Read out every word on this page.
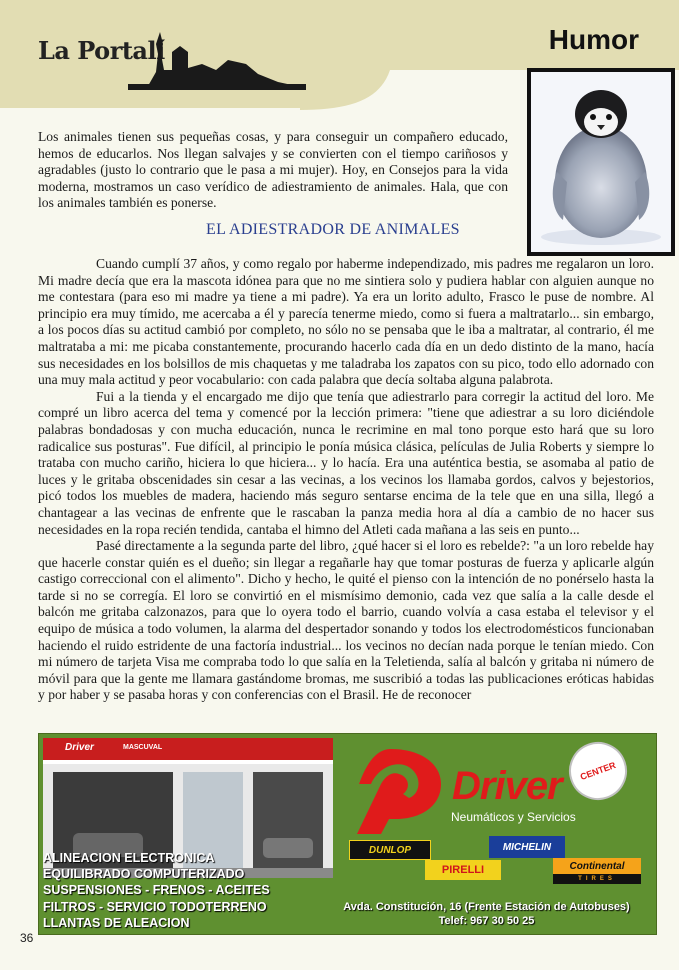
La Portalí	Humor
Los animales tienen sus pequeñas cosas, y para conseguir un compañero educado, hemos de educarlos. Nos llegan salvajes y se convierten con el tiempo cariñosos y agradables (justo lo contrario que le pasa a mi mujer). Hoy, en Consejos para la vida moderna, mostramos un caso verídico de adiestramiento de animales. Hala, que con los animales también es ponerse.
EL ADIESTRADOR DE ANIMALES

Cuando cumplí 37 años, y como regalo por haberme independizado, mis padres me regalaron un loro. Mi madre decía que era la mascota idónea para que no me sintiera solo y pudiera hablar con alguien aunque no me contestara (para eso mi madre ya tiene a mi padre). Ya era un lorito adulto, Frasco le puse de nombre. Al principio era muy tímido, me acercaba a él y parecía tenerme miedo, como si fuera a maltratarlo... sin embargo, a los pocos días su actitud cambió por completo, no sólo no se pensaba que le iba a maltratar, al contrario, él me maltrataba a mi: me picaba constantemente, procurando hacerlo cada día en un dedo distinto de la mano, hacía sus necesidades en los bolsillos de mis chaquetas y me taladraba los zapatos con su pico, todo ello adornado con una muy mala actitud y peor vocabulario: con cada palabra que decía soltaba alguna palabrota.

Fui a la tienda y el encargado me dijo que tenía que adiestrarlo para corregir la actitud del loro. Me compré un libro acerca del tema y comencé por la lección primera: "tiene que adiestrar a su loro diciéndole palabras bondadosas y con mucha educación, nunca le recrimine en mal tono porque esto hará que su loro radicalice sus posturas". Fue difícil, al principio le ponía música clásica, películas de Julia Roberts y siempre lo trataba con mucho cariño, hiciera lo que hiciera... y lo hacía. Era una auténtica bestia, se asomaba al patio de luces y le gritaba obscenidades sin cesar a las vecinas, a los vecinos los llamaba gordos, calvos y bejestorios, picó todos los muebles de madera, haciendo más seguro sentarse encima de la tele que en una silla, llegó a chantagear a las vecinas de enfrente que le rascaban la panza media hora al día a cambio de no hacer sus necesidades en la ropa recién tendida, cantaba el himno del Atleti cada mañana a las seis en punto...

Pasé directamente a la segunda parte del libro, ¿qué hacer si el loro es rebelde?: "a un loro rebelde hay que hacerle constar quién es el dueño; sin llegar a regañarle hay que tomar posturas de fuerza y aplicarle algún castigo correccional con el alimento". Dicho y hecho, le quité el pienso con la intención de no ponérselo hasta la tarde si no se corregía. El loro se convirtió en el mismísimo demonio, cada vez que salía a la calle desde el balcón me gritaba calzonazos, para que lo oyera todo el barrio, cuando volvía a casa estaba el televisor y el equipo de música a todo volumen, la alarma del despertador sonando y todos los electrodomésticos funcionaban haciendo el ruido estridente de una factoría industrial... los vecinos no decían nada porque le tenían miedo. Con mi número de tarjeta Visa me compraba todo lo que salía en la Teletienda, salía al balcón y gritaba ni número de móvil para que la gente me llamara gastándome bromas, me suscribió a todas las publicaciones eróticas habidas y por haber y se pasaba horas y con conferencias con el Brasil. He de reconocer

Driver	MASCUVAL
ALINEACION ELECTRONICA
EQUILIBRADO COMPUTERIZADO
SUSPENSIONES - FRENOS - ACEITES
FILTROS - SERVICIO TODOTERRENO
LLANTAS DE ALEACION
Driver	CENTER
Neumáticos y Servicios
DUNLOP	MICHELIN
PIRELLI	Continental
TIRES
Avda. Constitución, 16 (Frente Estación de Autobuses)
Telef: 967 30 50 25
36
